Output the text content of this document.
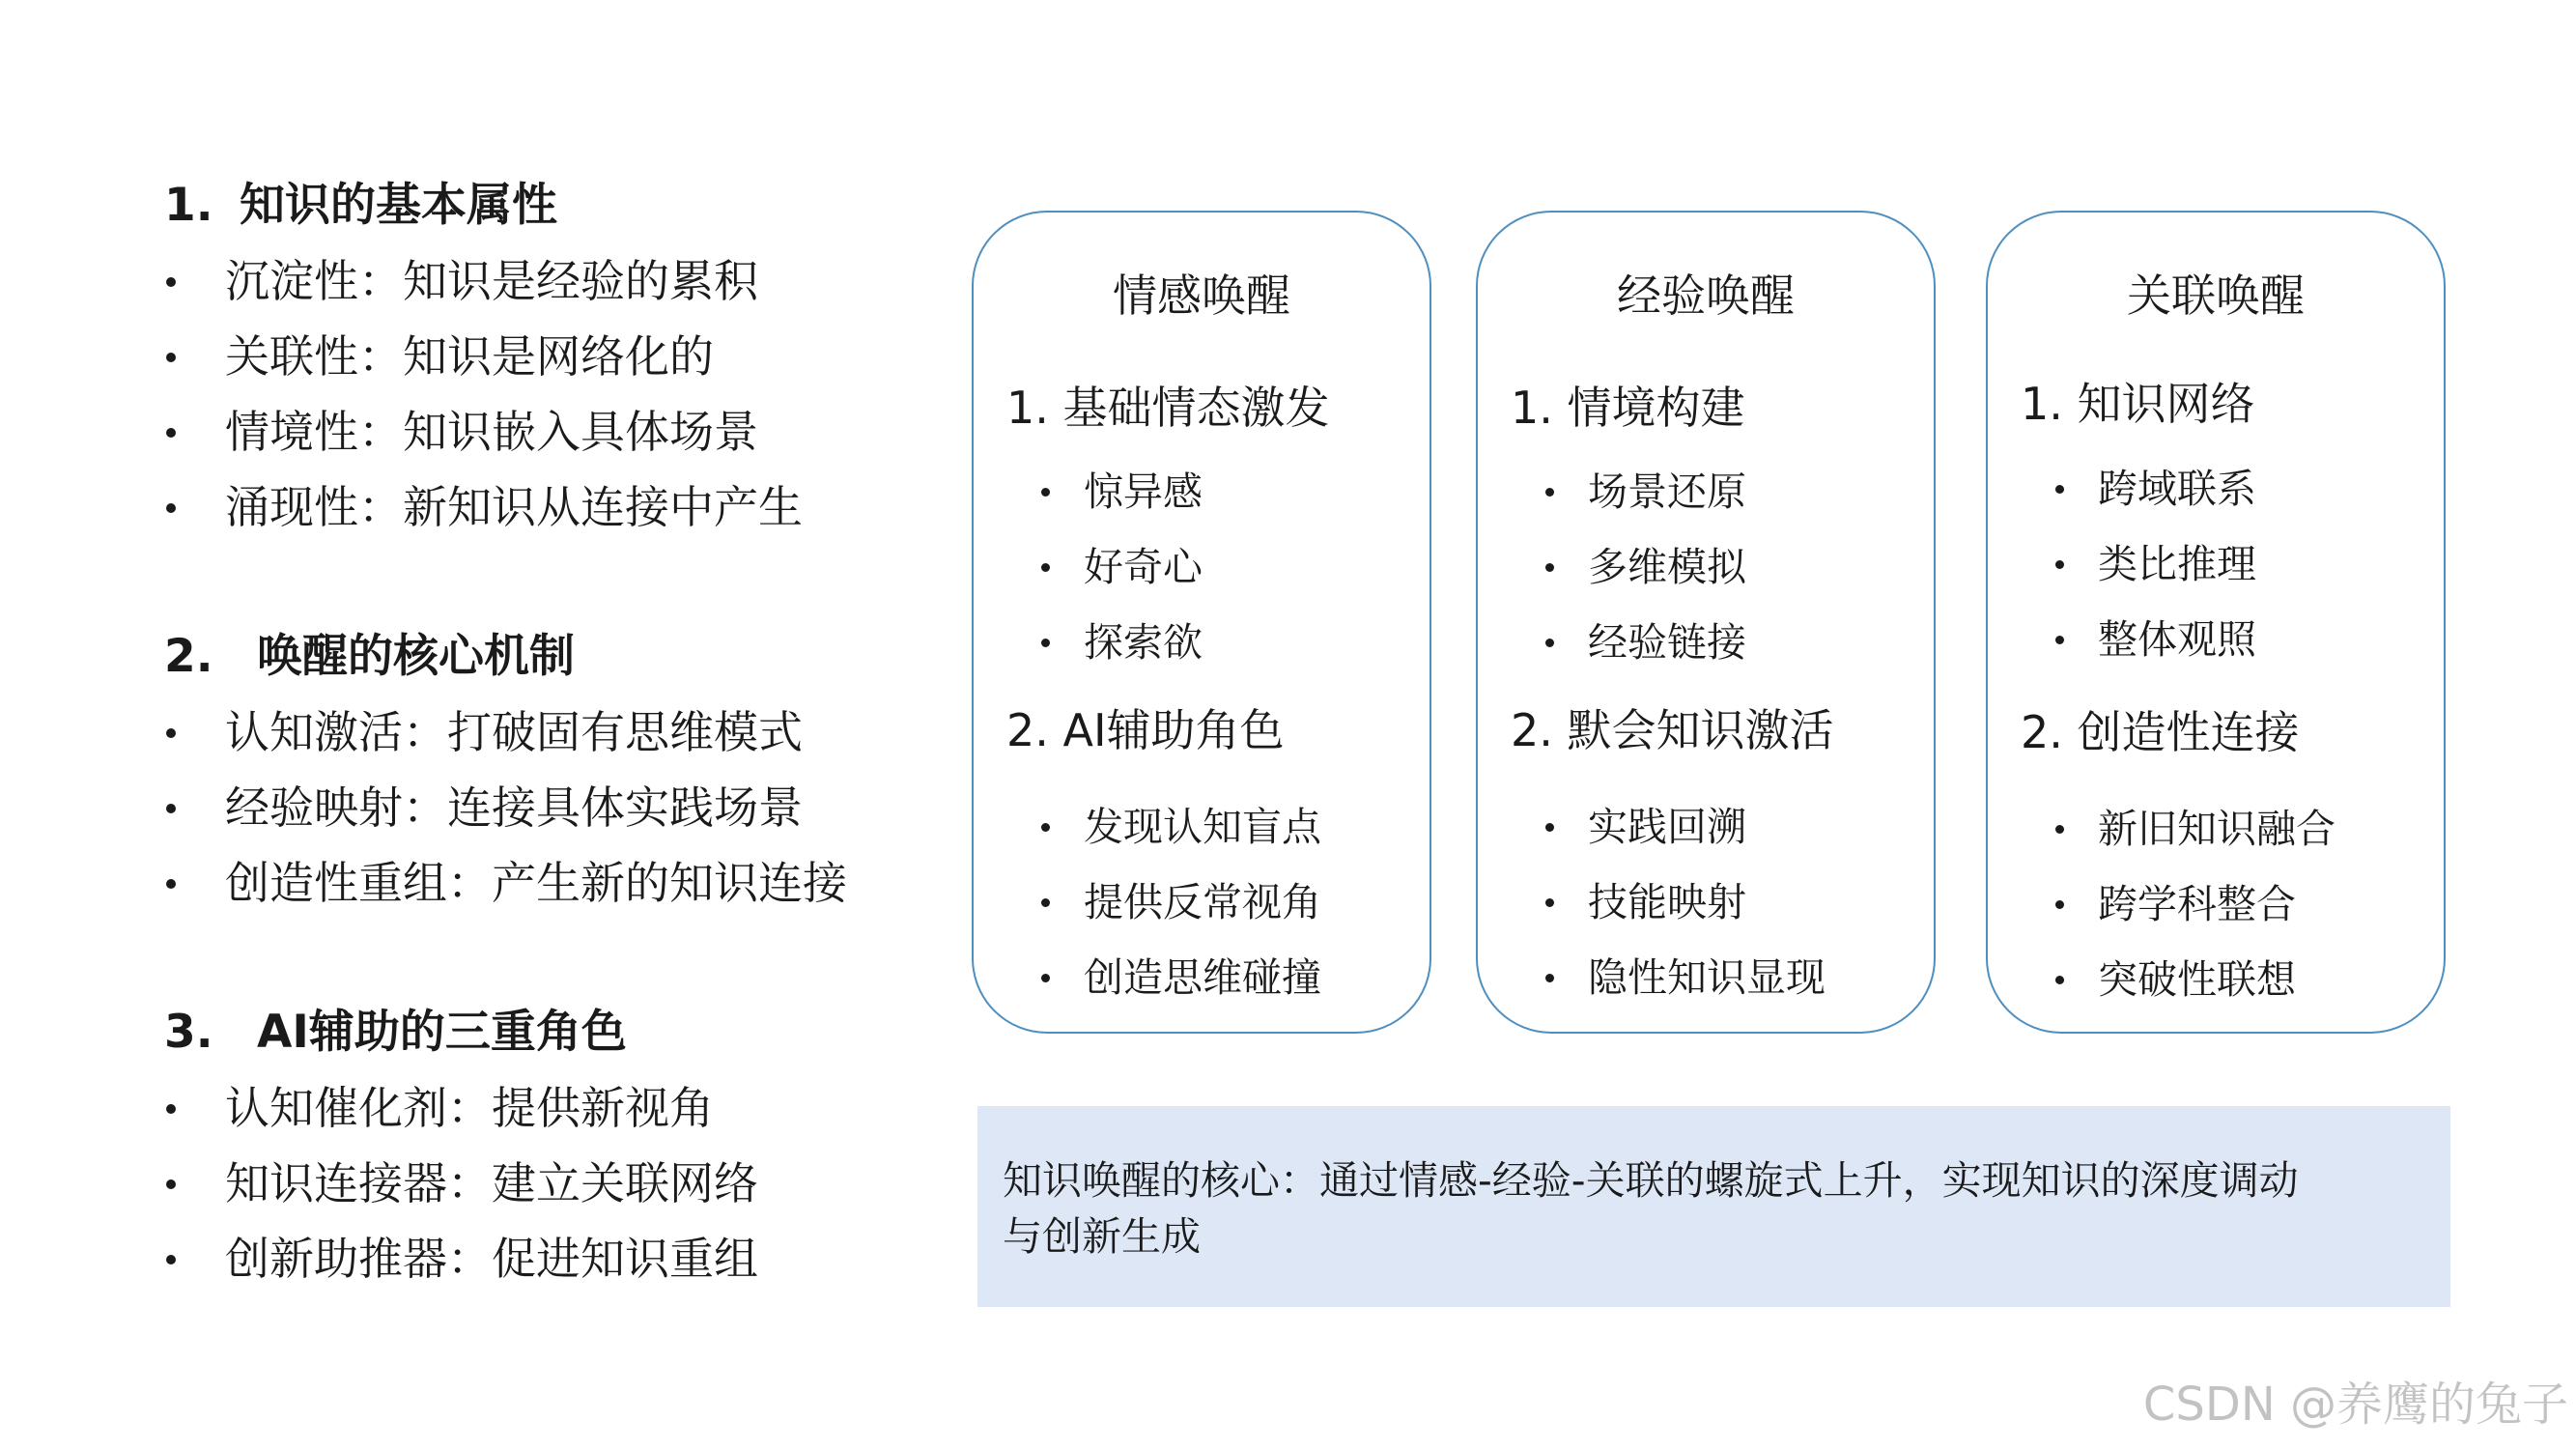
1. 知识的基本属性
沉淀性：知识是经验的累积
关联性：知识是网络化的
情境性：知识嵌入具体场景
涌现性：新知识从连接中产生
2. 唤醒的核心机制
认知激活：打破固有思维模式
经验映射：连接具体实践场景
创造性重组：产生新的知识连接
3. AI辅助的三重角色
认知催化剂：提供新视角
知识连接器：建立关联网络
创新助推器：促进知识重组
情感唤醒
1. 基础情态激发
惊异感
好奇心
探索欲
2. AI辅助角色
发现认知盲点
提供反常视角
创造思维碰撞
经验唤醒
1. 情境构建
场景还原
多维模拟
经验链接
2. 默会知识激活
实践回溯
技能映射
隐性知识显现
关联唤醒
1. 知识网络
跨域联系
类比推理
整体观照
2. 创造性连接
新旧知识融合
跨学科整合
突破性联想
知识唤醒的核心：通过情感-经验-关联的螺旋式上升，实现知识的深度调动
与创新生成
CSDN @养鹰的兔子
